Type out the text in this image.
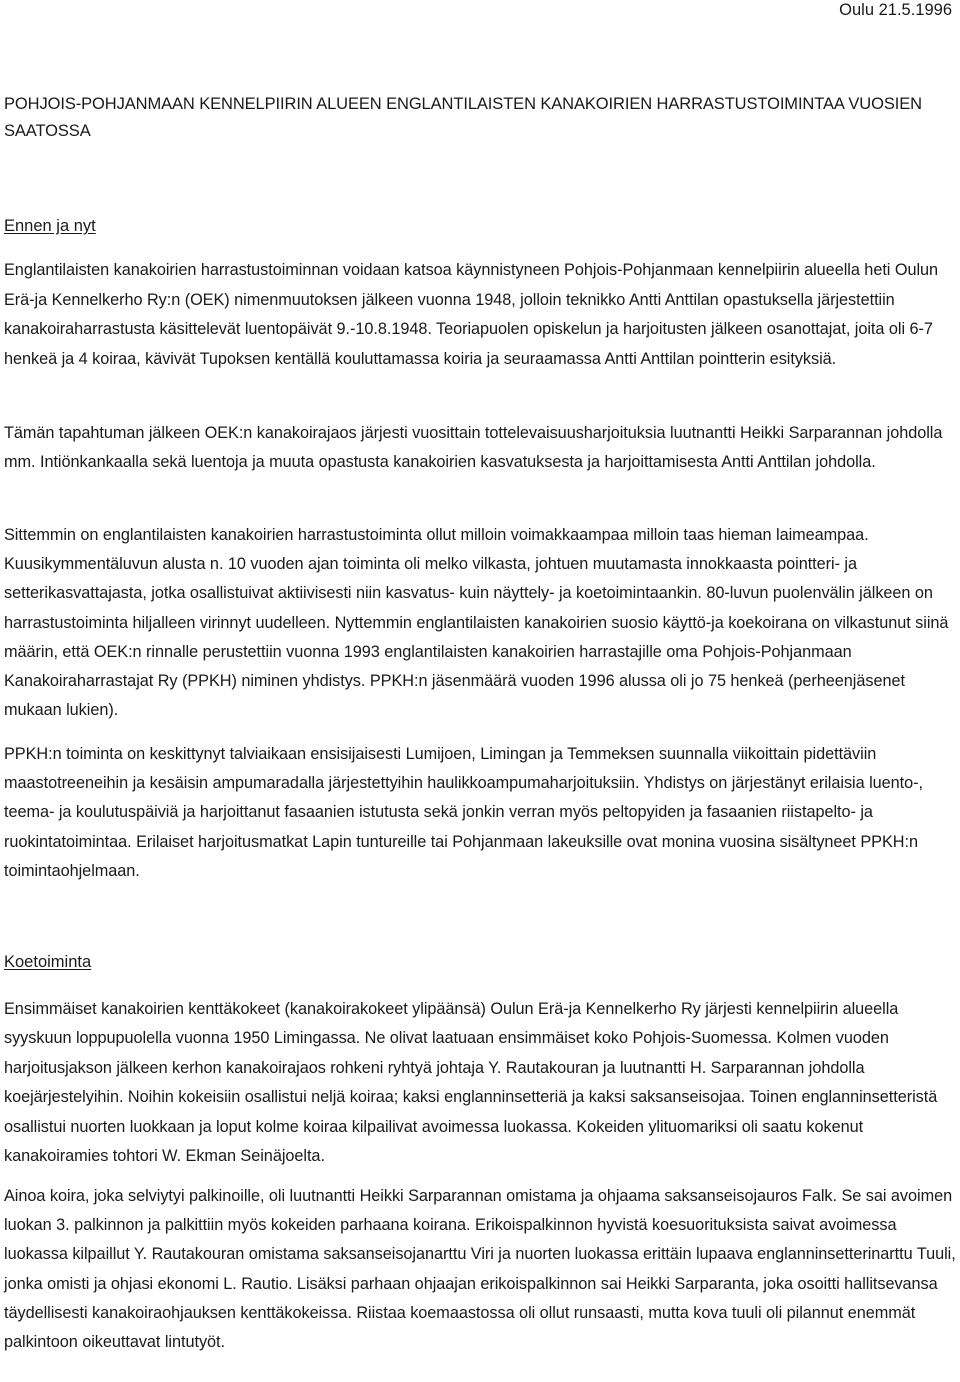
Oulu 21.5.1996
POHJOIS-POHJANMAAN KENNELPIIRIN ALUEEN ENGLANTILAISTEN KANAKOIRIEN HARRASTUSTOIMINTAA VUOSIEN SAATOSSA
Ennen ja nyt

Englantilaisten kanakoirien harrastustoiminnan voidaan katsoa käynnistyneen Pohjois-Pohjanmaan kennelpiirin alueella heti Oulun Erä-ja Kennelkerho Ry:n (OEK) nimenmuutoksen jälkeen vuonna 1948, jolloin teknikko Antti Anttilan opastuksella järjestettiin kanakoiraharrastusta käsittelevät luentopäivät 9.-10.8.1948. Teoriapuolen opiskelun ja harjoitusten jälkeen osanottajat, joita oli 6-7 henkeä ja 4 koiraa, kävivät Tupoksen kentällä kouluttamassa koiria ja seuraamassa Antti Anttilan pointterin esityksiä.

Tämän tapahtuman jälkeen OEK:n kanakoirajaos järjesti vuosittain tottelevaisuusharjoituksia luutnantti Heikki Sarparannan johdolla mm. Intiönkankaalla sekä luentoja ja muuta opastusta kanakoirien kasvatuksesta ja harjoittamisesta Antti Anttilan johdolla.

Sittemmin on englantilaisten kanakoirien harrastustoiminta ollut milloin voimakkaampaa milloin taas hieman laimeampaa. Kuusikymmentäluvun alusta n. 10 vuoden ajan toiminta oli melko vilkasta, johtuen muutamasta innokkaasta pointteri- ja setterikasvattajasta, jotka osallistuivat aktiivisesti niin kasvatus- kuin näyttely- ja koetoimintaankin. 80-luvun puolenvälin jälkeen on harrastustoiminta hiljalleen virinnyt uudelleen. Nyttemmin englantilaisten kanakoirien suosio käyttö-ja koekoirana on vilkastunut siinä määrin, että OEK:n rinnalle perustettiin vuonna 1993 englantilaisten kanakoirien harrastajille oma Pohjois-Pohjanmaan Kanakoiraharrastajat Ry (PPKH) niminen yhdistys. PPKH:n jäsenmäärä vuoden 1996 alussa oli jo 75 henkeä (perheenjäsenet mukaan lukien).

PPKH:n toiminta on keskittynyt talviaikaan ensisijaisesti Lumijoen, Limingan ja Temmeksen suunnalla viikoittain pidettäviin maastotreeneihin ja kesäisin ampumaradalla järjestettyihin haulikkoampumaharjoituksiin. Yhdistys on järjestänyt erilaisia luento-, teema- ja koulutuspäiviä ja harjoittanut fasaanien istutusta sekä jonkin verran myös peltopyiden ja fasaanien riistapelto- ja ruokintatoimintaa. Erilaiset harjoitusmatkat Lapin tuntureille tai Pohjanmaan lakeuksille ovat monina vuosina sisältyneet PPKH:n toimintaohjelmaan.

Koetoiminta

Ensimmäiset kanakoirien kenttäkokeet (kanakoirakokeet ylipäänsä) Oulun Erä-ja Kennelkerho Ry järjesti kennelpiirin alueella syyskuun loppupuolella vuonna 1950 Limingassa. Ne olivat laatuaan ensimmäiset koko Pohjois-Suomessa. Kolmen vuoden harjoitusjakson jälkeen kerhon kanakoirajaos rohkeni ryhtyä johtaja Y. Rautakouran ja luutnantti H. Sarparannan johdolla koejärjestelyihin. Noihin kokeisiin osallistui neljä koiraa; kaksi englanninsetteriä ja kaksi saksanseisojaa. Toinen englanninsetteristä osallistui nuorten luokkaan ja loput kolme koiraa kilpailivat avoimessa luokassa. Kokeiden ylituomariksi oli saatu kokenut kanakoiramies tohtori W. Ekman Seinäjoelta.

Ainoa koira, joka selviytyi palkinoille, oli luutnantti Heikki Sarparannan omistama ja ohjaama saksanseisojauros Falk. Se sai avoimen luokan 3. palkinnon ja palkittiin myös kokeiden parhaana koirana. Erikoispalkinnon hyvistä koesuorituksista saivat avoimessa luokassa kilpaillut Y. Rautakouran omistama saksanseisojanarttu Viri ja nuorten luokassa erittäin lupaava englanninsetterinarttu Tuuli, jonka omisti ja ohjasi ekonomi L. Rautio. Lisäksi parhaan ohjaajan erikoispalkinnon sai Heikki Sarparanta, joka osoitti hallitsevansa täydellisesti kanakoiraohjauksen kenttäkokeissa. Riistaa koemaastossa oli ollut runsaasti, mutta kova tuuli oli pilannut enemmät palkintoon oikeuttavat lintutyöt.
